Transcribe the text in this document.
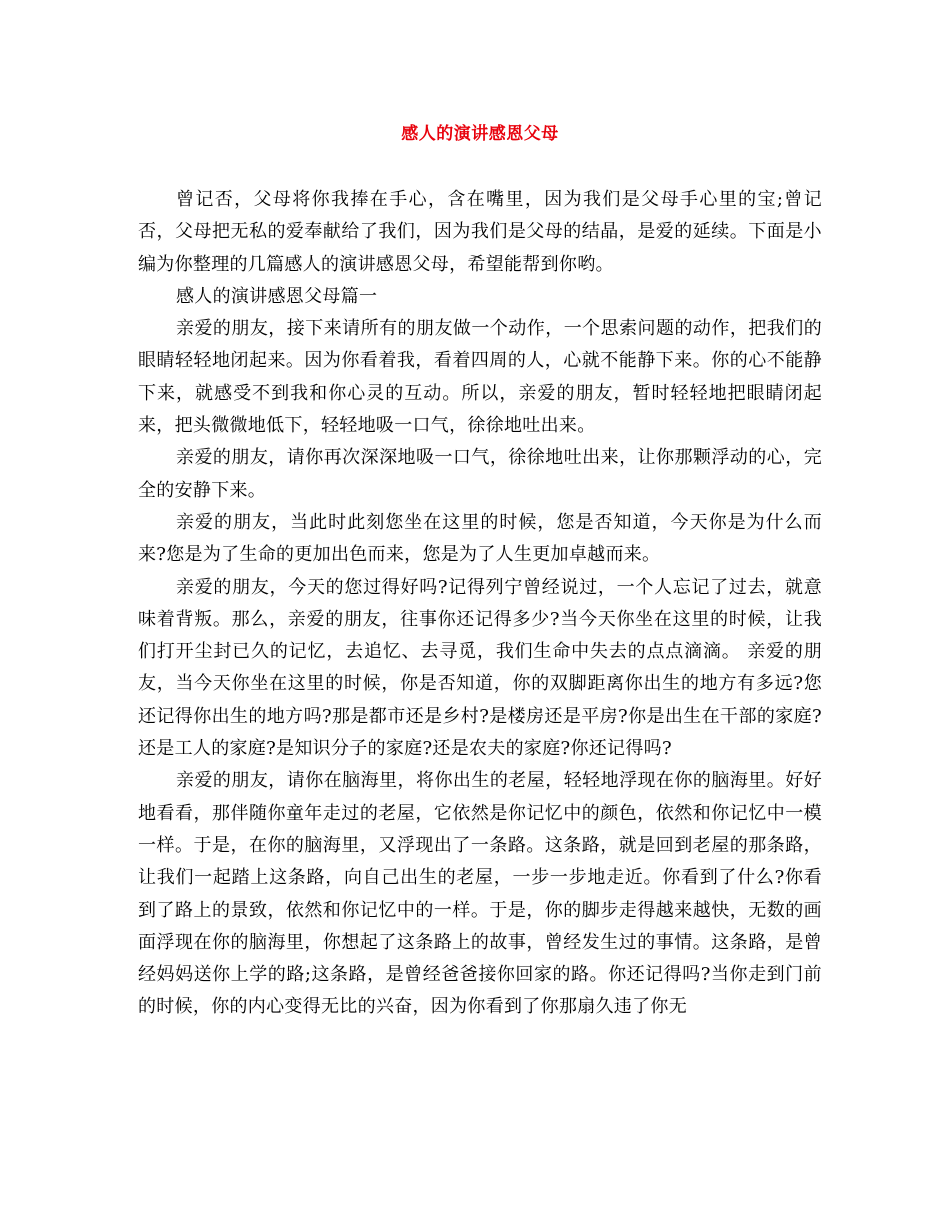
感人的演讲感恩父母

曾记否，父母将你我捧在手心，含在嘴里，因为我们是父母手心里的宝;曾记否，父母把无私的爱奉献给了我们，因为我们是父母的结晶，是爱的延续。下面是小编为你整理的几篇感人的演讲感恩父母，希望能帮到你哟。

感人的演讲感恩父母篇一

亲爱的朋友，接下来请所有的朋友做一个动作，一个思索问题的动作，把我们的眼睛轻轻地闭起来。因为你看着我，看着四周的人，心就不能静下来。你的心不能静下来，就感受不到我和你心灵的互动。所以，亲爱的朋友，暂时轻轻地把眼睛闭起来，把头微微地低下，轻轻地吸一口气，徐徐地吐出来。

亲爱的朋友，请你再次深深地吸一口气，徐徐地吐出来，让你那颗浮动的心，完全的安静下来。

亲爱的朋友，当此时此刻您坐在这里的时候，您是否知道，今天你是为什么而来?您是为了生命的更加出色而来，您是为了人生更加卓越而来。

亲爱的朋友，今天的您过得好吗?记得列宁曾经说过，一个人忘记了过去，就意味着背叛。那么，亲爱的朋友，往事你还记得多少?当今天你坐在这里的时候，让我们打开尘封已久的记忆，去追忆、去寻觅，我们生命中失去的点点滴滴。 亲爱的朋友，当今天你坐在这里的时候，你是否知道，你的双脚距离你出生的地方有多远?您还记得你出生的地方吗?那是都市还是乡村?是楼房还是平房?你是出生在干部的家庭?还是工人的家庭?是知识分子的家庭?还是农夫的家庭?你还记得吗?

亲爱的朋友，请你在脑海里，将你出生的老屋，轻轻地浮现在你的脑海里。好好地看看，那伴随你童年走过的老屋，它依然是你记忆中的颜色，依然和你记忆中一模一样。于是，在你的脑海里，又浮现出了一条路。这条路，就是回到老屋的那条路，让我们一起踏上这条路，向自己出生的老屋，一步一步地走近。你看到了什么?你看到了路上的景致，依然和你记忆中的一样。于是，你的脚步走得越来越快，无数的画面浮现在你的脑海里，你想起了这条路上的故事，曾经发生过的事情。这条路，是曾经妈妈送你上学的路;这条路，是曾经爸爸接你回家的路。你还记得吗?当你走到门前的时候，你的内心变得无比的兴奋，因为你看到了你那扇久违了你无
